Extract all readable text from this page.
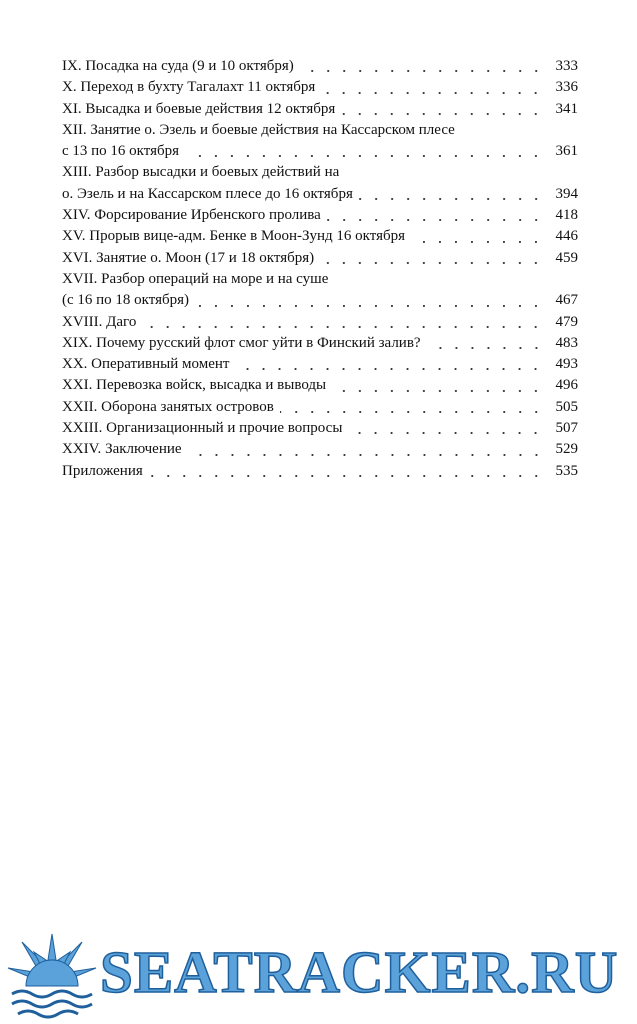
IX. Посадка на суда (9 и 10 октября)	333
X. Переход в бухту Тагалахт 11 октября	336
XI. Высадка и боевые действия 12 октября	341
XII. Занятие о. Эзель и боевые действия на Кассарском плесе
с 13 по 16 октября	361
XIII. Разбор высадки и боевых действий на
о. Эзель и на Кассарском плесе до 16 октября	394
XIV. Форсирование Ирбенского пролива	418
XV. Прорыв вице-адм. Бенке в Моон-Зунд 16 октября	446
XVI. Занятие о. Моон (17 и 18 октября)	459
XVII. Разбор операций на море и на суше
(с 16 по 18 октября)	467
XVIII. Даго	479
XIX. Почему русский флот смог уйти в Финский залив?	483
XX. Оперативный момент	493
XXI. Перевозка войск, высадка и выводы	496
XXII. Оборона занятых островов	505
XXIII. Организационный и прочие вопросы	507
XXIV. Заключение	529
Приложения	535
SEATRACKER.RU
